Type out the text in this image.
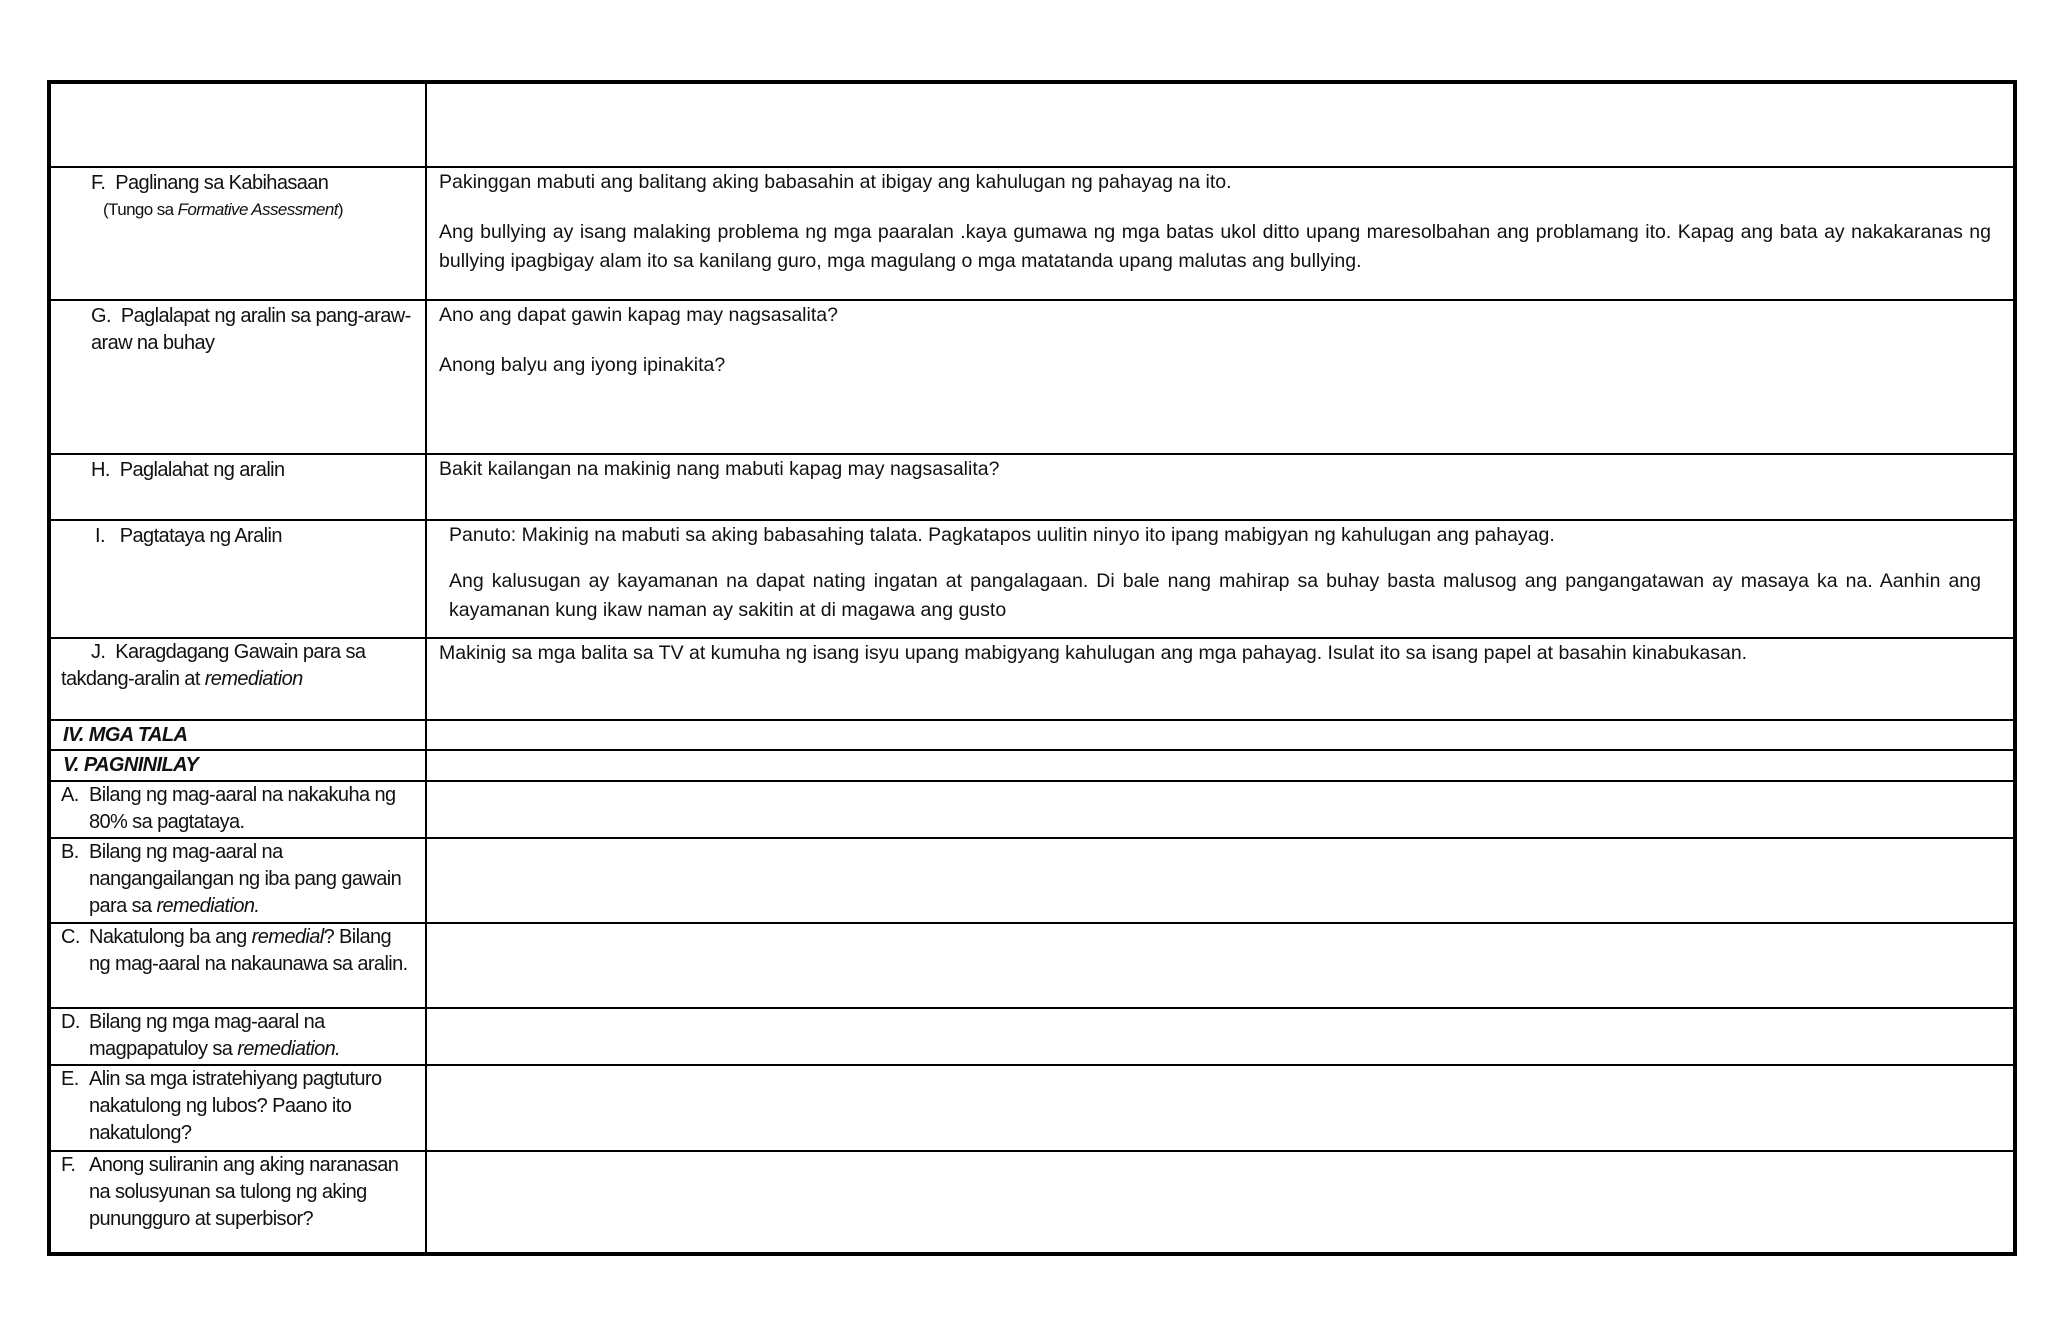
F. Paglinang sa Kabihasaan
(Tungo sa Formative Assessment)

Pakinggan mabuti ang balitang aking babasahin at ibigay ang kahulugan ng pahayag na ito.

Ang bullying ay isang malaking problema ng mga paaralan .kaya gumawa ng mga batas ukol ditto upang maresolbahan ang problamang ito. Kapag ang bata ay nakakaranas ng bullying ipagbigay alam ito sa kanilang guro, mga magulang o mga matatanda upang malutas ang bullying.

G. Paglalapat ng aralin sa pang-araw-araw na buhay

Ano ang dapat gawin kapag may nagsasalita?

Anong balyu ang iyong ipinakita?

H. Paglalahat ng aralin	Bakit kailangan na makinig nang mabuti kapag may nagsasalita?

I. Pagtataya ng Aralin	Panuto: Makinig na mabuti sa aking babasahing talata. Pagkatapos uulitin ninyo ito ipang mabigyan ng kahulugan ang pahayag.

Ang kalusugan ay kayamanan na dapat nating ingatan at pangalagaan. Di bale nang mahirap sa buhay basta malusog ang pangangatawan ay masaya ka na. Aanhin ang kayamanan kung ikaw naman ay sakitin at di magawa ang gusto

J.  Karagdagang Gawain para sa
takdang-aralin at remediation

Makinig sa mga balita sa TV at kumuha ng isang isyu upang mabigyang kahulugan ang mga pahayag. Isulat ito sa isang papel at basahin kinabukasan.

IV. MGA TALA
V. PAGNINILAY
A. Bilang ng mag-aaral na nakakuha ng 80% sa pagtataya.
B. Bilang ng mag-aaral na nangangailangan ng iba pang gawain para sa remediation.
C. Nakatulong ba ang remedial? Bilang ng mag-aaral na nakaunawa sa aralin.
D. Bilang ng mga mag-aaral na magpapatuloy sa remediation.
E. Alin sa mga istratehiyang pagtuturo nakatulong ng lubos? Paano ito nakatulong?
F. Anong suliranin ang aking naranasan na solusyunan sa tulong ng aking punungguro at superbisor?
